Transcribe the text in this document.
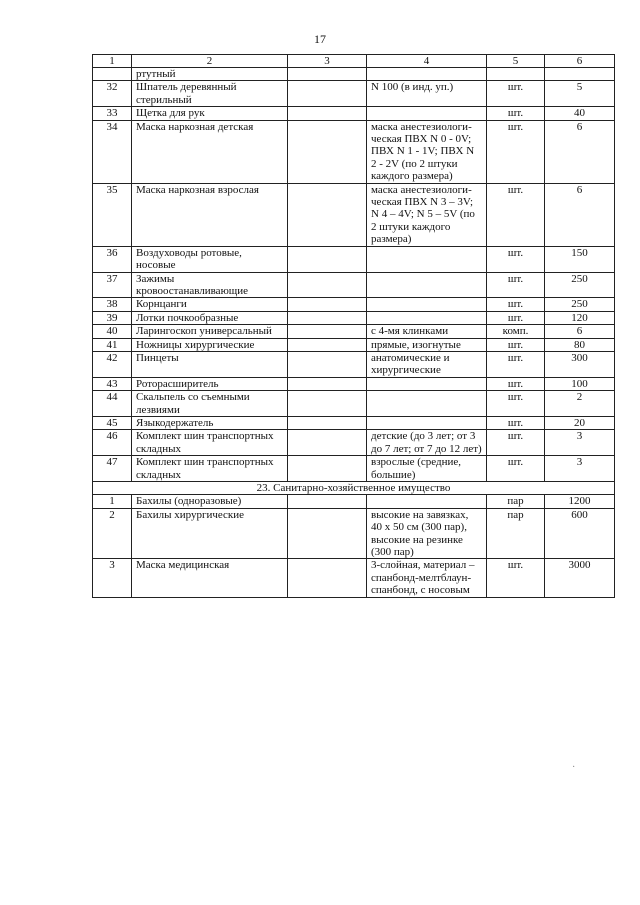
17
1	2	3	4	5	6
	ртутный				
32	Шпатель деревянный стерильный		N 100 (в инд. уп.)	шт.	5
33	Щетка для рук			шт.	40
34	Маска наркозная детская		маска анестезиологи-ческая ПВХ N 0 - 0V; ПВХ N 1 - 1V; ПВХ N 2 - 2V (по 2 штуки каждого размера)	шт.	6
35	Маска наркозная взрослая		маска анестезиологи-ческая ПВХ N 3 – 3V; N 4 – 4V; N 5 – 5V (по 2 штуки каждого размера)	шт.	6
36	Воздуховоды ротовые, носовые			шт.	150
37	Зажимы кровоостанавливающие			шт.	250
38	Корнцанги			шт.	250
39	Лотки почкообразные			шт.	120
40	Ларингоскоп универсальный		с 4-мя клинками	комп.	6
41	Ножницы хирургические		прямые, изогнутые	шт.	80
42	Пинцеты		анатомические и хирургические	шт.	300
43	Роторасширитель			шт.	100
44	Скальпель со съемными лезвиями			шт.	2
45	Языкодержатель			шт.	20
46	Комплект шин транспортных складных		детские (до 3 лет; от 3 до 7 лет; от 7 до 12 лет)	шт.	3
47	Комплект шин транспортных складных		взрослые (средние, большие)	шт.	3
23. Санитарно-хозяйственное имущество					
1	Бахилы (одноразовые)			пар	1200
2	Бахилы хирургические		высокие на завязках, 40 х 50 см (300 пар), высокие на резинке (300 пар)	пар	600
3	Маска медицинская		3-слойная, материал – спанбонд-мелтблаун-спанбонд, с носовым	шт.	3000
·
